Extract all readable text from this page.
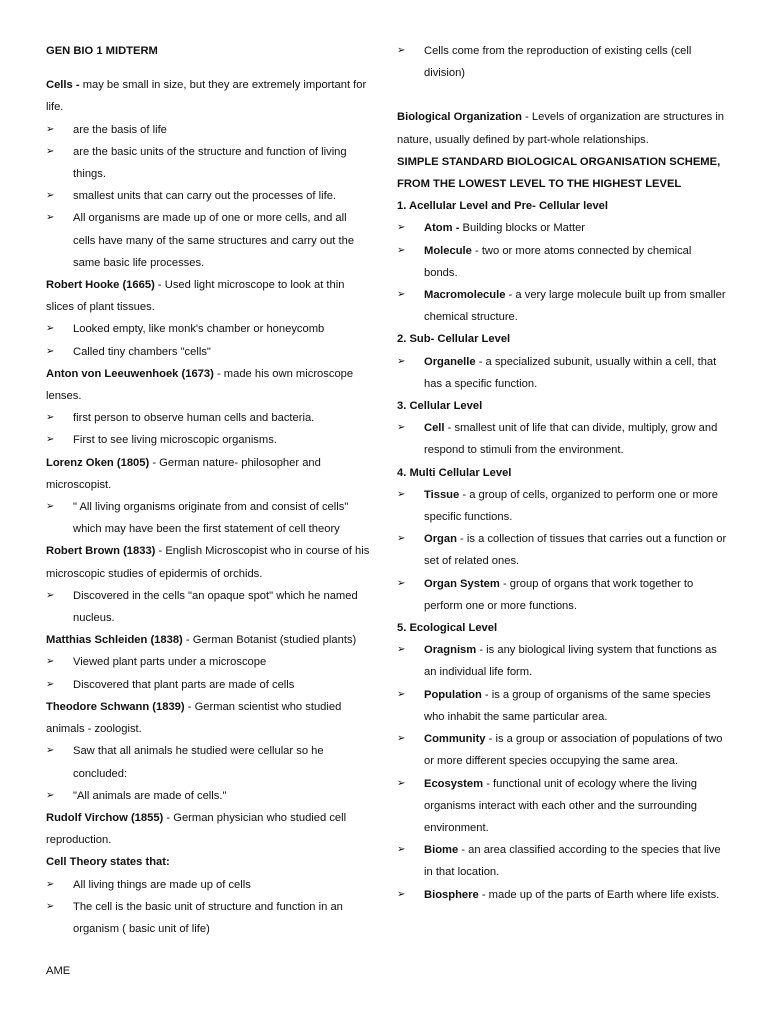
GEN BIO 1 MIDTERM

Cells - may be small in size, but they are extremely important for life.

➢	are the basis of life

➢	are the basic units of the structure and function of living things.

➢	smallest units that can carry out the processes of life.

➢	All organisms are made up of one or more cells, and all cells have many of the same structures and carry out the same basic life processes.

Robert Hooke (1665) - Used light microscope to look at thin slices of plant tissues.

➢	Looked empty, like monk's chamber or honeycomb

➢	Called tiny chambers "cells"

Anton von Leeuwenhoek (1673) - made his own microscope lenses.

➢	first person to observe human cells and bacteria.

➢	First to see living microscopic organisms.

Lorenz Oken (1805) - German nature- philosopher and microscopist.

➢	" All living organisms originate from and consist of cells" which may have been the first statement of cell theory

Robert Brown (1833) - English Microscopist who in course of his microscopic studies of epidermis of orchids.

➢	Discovered in the cells "an opaque spot" which he named nucleus.

Matthias Schleiden (1838) - German Botanist (studied plants)

➢	Viewed plant parts under a microscope

➢	Discovered that plant parts are made of cells

Theodore Schwann (1839) - German scientist who studied animals - zoologist.

➢	Saw that all animals he studied were cellular so he concluded:

➢	"All animals are made of cells."

Rudolf Virchow (1855) - German physician who studied cell reproduction.

Cell Theory states that:

➢	All living things are made up of cells

➢	The cell is the basic unit of structure and function in an organism ( basic unit of life)

➢	Cells come from the reproduction of existing cells (cell division)

Biological Organization - Levels of organization are structures in nature, usually defined by part-whole relationships.

SIMPLE STANDARD BIOLOGICAL ORGANISATION SCHEME, FROM THE LOWEST LEVEL TO THE HIGHEST LEVEL

1. Acellular Level and Pre- Cellular level

➢	Atom - Building blocks or Matter

➢	Molecule - two or more atoms connected by chemical bonds.

➢	Macromolecule - a very large molecule built up from smaller chemical structure.

2. Sub- Cellular Level

➢	Organelle - a specialized subunit, usually within a cell, that has a specific function.

3. Cellular Level

➢	Cell - smallest unit of life that can divide, multiply, grow and respond to stimuli from the environment.

4. Multi Cellular Level

➢	Tissue - a group of cells, organized to perform one or more specific functions.

➢	Organ - is a collection of tissues that carries out a function or set of related ones.

➢	Organ System - group of organs that work together to perform one or more functions.

5. Ecological Level

➢	Oragnism - is any biological living system that functions as an individual life form.

➢	Population - is a group of organisms of the same species who inhabit the same particular area.

➢	Community - is a group or association of populations of two or more different species occupying the same area.

➢	Ecosystem - functional unit of ecology where the living organisms interact with each other and the surrounding environment.

➢	Biome - an area classified according to the species that live in that location.

➢	Biosphere - made up of the parts of Earth where life exists.

AME
